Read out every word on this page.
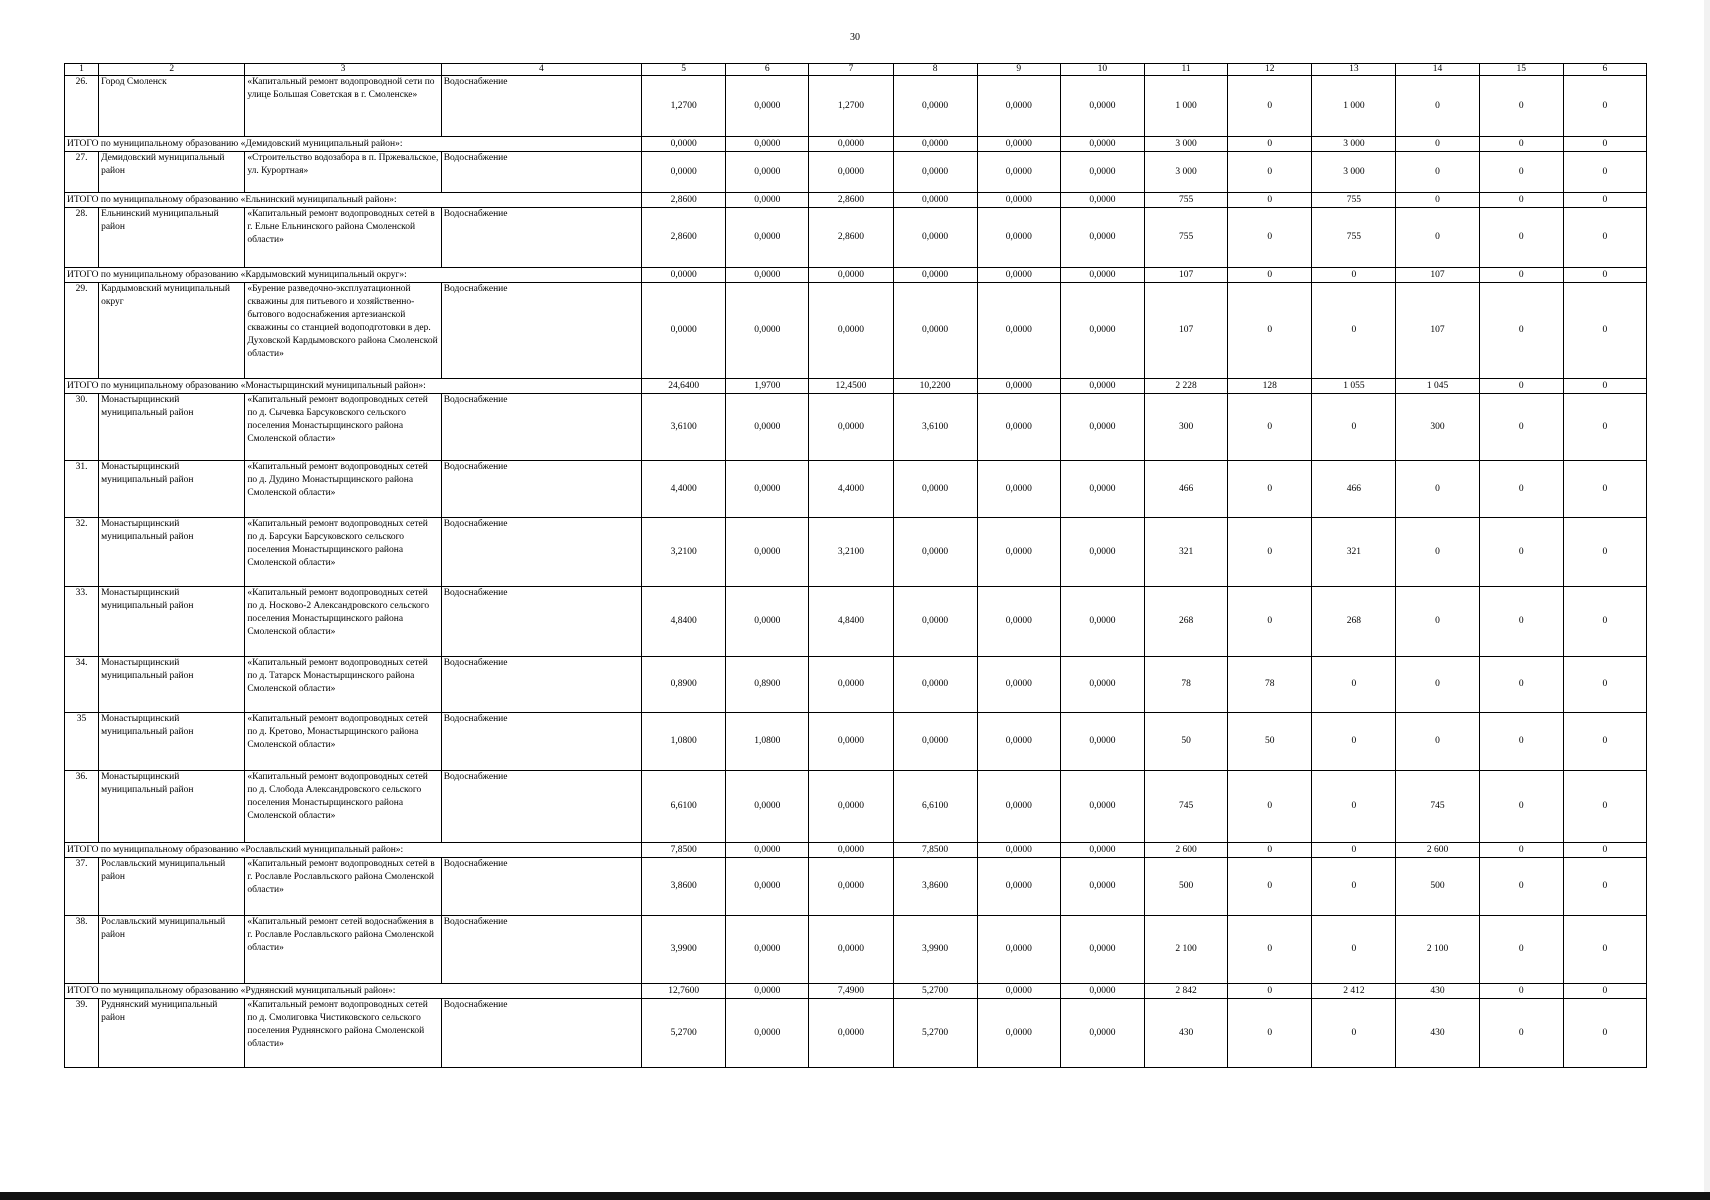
30
1	2	3	4	5	6	7	8	9	10	11	12	13	14	15	6
26.	Город Смоленск	«Капитальный ремонт водопроводной сети по улице Большая Советская в г. Смоленске»	Водоснабжение	1,2700	0,0000	1,2700	0,0000	0,0000	0,0000	1 000	0	1 000	0	0	0
ИТОГО по муниципальному образованию «Демидовский муниципальный район»:				0,0000	0,0000	0,0000	0,0000	0,0000	0,0000	3 000	0	3 000	0	0	0
27.	Демидовский муниципальный район	«Строительство водозабора в п. Пржевальское, ул. Курортная»	Водоснабжение	0,0000	0,0000	0,0000	0,0000	0,0000	0,0000	3 000	0	3 000	0	0	0
ИТОГО по муниципальному образованию «Ельнинский муниципальный район»:				2,8600	0,0000	2,8600	0,0000	0,0000	0,0000	755	0	755	0	0	0
28.	Ельнинский муниципальный район	«Капитальный ремонт водопроводных сетей в г. Ельне Ельнинского района Смоленской области»	Водоснабжение	2,8600	0,0000	2,8600	0,0000	0,0000	0,0000	755	0	755	0	0	0
ИТОГО по муниципальному образованию «Кардымовский муниципальный округ»:				0,0000	0,0000	0,0000	0,0000	0,0000	0,0000	107	0	0	107	0	0
29.	Кардымовский муниципальный округ	«Бурение разведочно-эксплуатационной скважины для питьевого и хозяйственно-бытового водоснабжения артезианской скважины со станцией водоподготовки в дер. Духовской Кардымовского района Смоленской области»	Водоснабжение	0,0000	0,0000	0,0000	0,0000	0,0000	0,0000	107	0	0	107	0	0
ИТОГО по муниципальному образованию «Монастырщинский муниципальный район»:				24,6400	1,9700	12,4500	10,2200	0,0000	0,0000	2 228	128	1 055	1 045	0	0
30.	Монастырщинский муниципальный район	«Капитальный ремонт водопроводных сетей по д. Сычевка Барсуковского сельского поселения Монастырщинского района Смоленской области»	Водоснабжение	3,6100	0,0000	0,0000	3,6100	0,0000	0,0000	300	0	0	300	0	0
31.	Монастырщинский муниципальный район	«Капитальный ремонт водопроводных сетей по д. Дудино Монастырщинского района Смоленской области»	Водоснабжение	4,4000	0,0000	4,4000	0,0000	0,0000	0,0000	466	0	466	0	0	0
32.	Монастырщинский муниципальный район	«Капитальный ремонт водопроводных сетей по д. Барсуки Барсуковского сельского поселения Монастырщинского района Смоленской области»	Водоснабжение	3,2100	0,0000	3,2100	0,0000	0,0000	0,0000	321	0	321	0	0	0
33.	Монастырщинский муниципальный район	«Капитальный ремонт водопроводных сетей по д. Носково-2 Александровского сельского поселения Монастырщинского района Смоленской области»	Водоснабжение	4,8400	0,0000	4,8400	0,0000	0,0000	0,0000	268	0	268	0	0	0
34.	Монастырщинский муниципальный район	«Капитальный ремонт водопроводных сетей по д. Татарск Монастырщинского района Смоленской области»	Водоснабжение	0,8900	0,8900	0,0000	0,0000	0,0000	0,0000	78	78	0	0	0	0
35	Монастырщинский муниципальный район	«Капитальный ремонт водопроводных сетей по д. Кретово, Монастырщинского района Смоленской области»	Водоснабжение	1,0800	1,0800	0,0000	0,0000	0,0000	0,0000	50	50	0	0	0	0
36.	Монастырщинский муниципальный район	«Капитальный ремонт водопроводных сетей по д. Слобода Александровского сельского поселения Монастырщинского района Смоленской области»	Водоснабжение	6,6100	0,0000	0,0000	6,6100	0,0000	0,0000	745	0	0	745	0	0
ИТОГО по муниципальному образованию «Рославльский муниципальный район»:				7,8500	0,0000	0,0000	7,8500	0,0000	0,0000	2 600	0	0	2 600	0	0
37.	Рославльский муниципальный район	«Капитальный ремонт водопроводных сетей в г. Рославле Рославльского района Смоленской области»	Водоснабжение	3,8600	0,0000	0,0000	3,8600	0,0000	0,0000	500	0	0	500	0	0
38.	Рославльский муниципальный район	«Капитальный ремонт сетей водоснабжения в г. Рославле Рославльского района Смоленской области»	Водоснабжение	3,9900	0,0000	0,0000	3,9900	0,0000	0,0000	2 100	0	0	2 100	0	0
ИТОГО по муниципальному образованию «Руднянский муниципальный район»:				12,7600	0,0000	7,4900	5,2700	0,0000	0,0000	2 842	0	2 412	430	0	0
39.	Руднянский муниципальный район	«Капитальный ремонт водопроводных сетей по д. Смолиговка Чистиковского сельского поселения Руднянского района Смоленской области»	Водоснабжение	5,2700	0,0000	0,0000	5,2700	0,0000	0,0000	430	0	0	430	0	0
